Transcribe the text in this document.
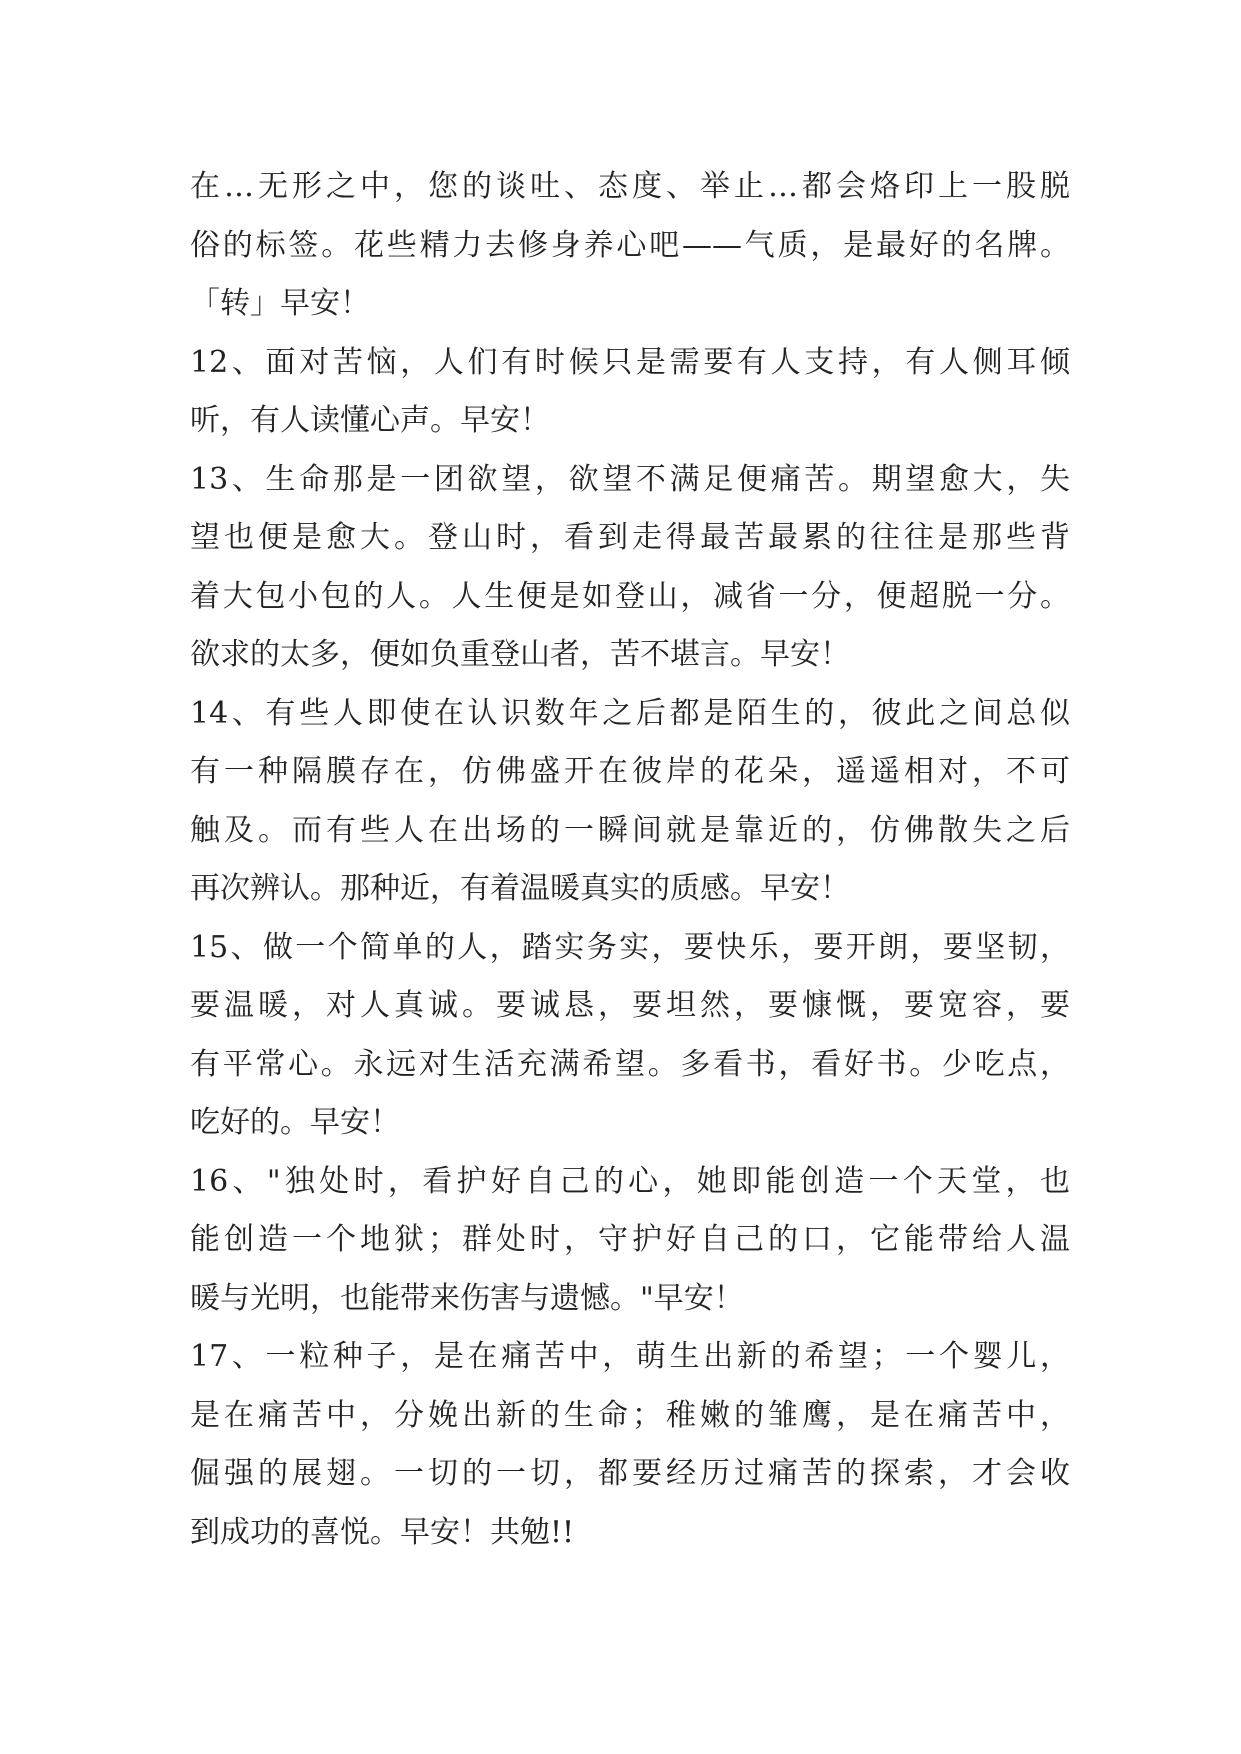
在…无形之中，您的谈吐、态度、举止…都会烙印上一股脱
俗的标签。花些精力去修身养心吧——气质，是最好的名牌。
「转」早安！
12、面对苦恼，人们有时候只是需要有人支持，有人侧耳倾
听，有人读懂心声。早安！
13、生命那是一团欲望，欲望不满足便痛苦。期望愈大，失
望也便是愈大。登山时，看到走得最苦最累的往往是那些背
着大包小包的人。人生便是如登山，减省一分，便超脱一分。
欲求的太多，便如负重登山者，苦不堪言。早安！
14、有些人即使在认识数年之后都是陌生的，彼此之间总似
有一种隔膜存在，仿佛盛开在彼岸的花朵，遥遥相对，不可
触及。而有些人在出场的一瞬间就是靠近的，仿佛散失之后
再次辨认。那种近，有着温暖真实的质感。早安！
15、做一个简单的人，踏实务实，要快乐，要开朗，要坚韧，
要温暖，对人真诚。要诚恳，要坦然，要慷慨，要宽容，要
有平常心。永远对生活充满希望。多看书，看好书。少吃点，
吃好的。早安！
16、"独处时，看护好自己的心，她即能创造一个天堂，也
能创造一个地狱；群处时，守护好自己的口，它能带给人温
暖与光明，也能带来伤害与遗憾。"早安！
17、一粒种子，是在痛苦中，萌生出新的希望；一个婴儿，
是在痛苦中，分娩出新的生命；稚嫩的雏鹰，是在痛苦中，
倔强的展翅。一切的一切，都要经历过痛苦的探索，才会收
到成功的喜悦。早安！共勉!!
